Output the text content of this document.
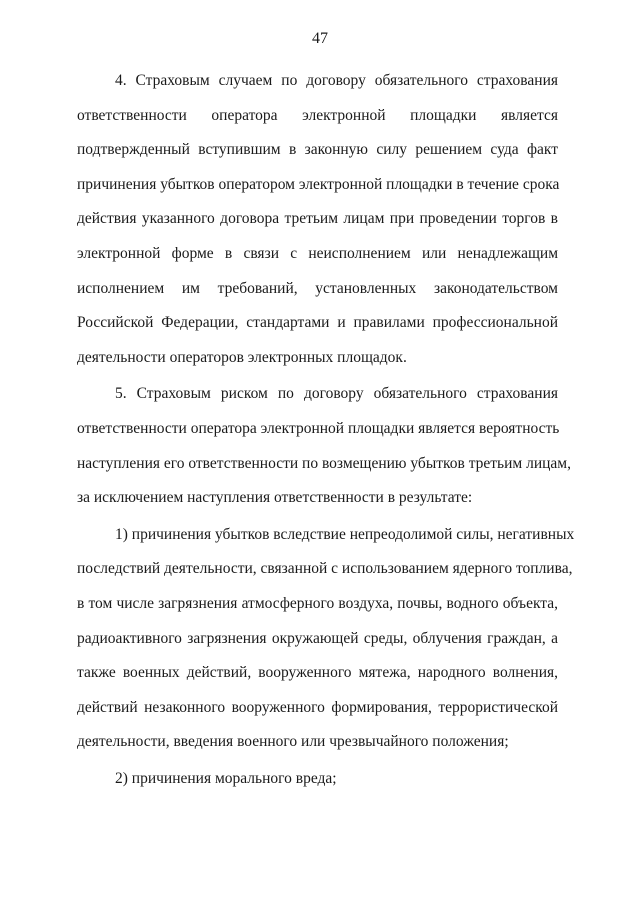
47

4. Страховым случаем по договору обязательного страхования
ответственности оператора электронной площадки является
подтвержденный вступившим в законную силу решением суда факт
причинения убытков оператором электронной площадки в течение срока
действия указанного договора третьим лицам при проведении торгов в
электронной форме в связи с неисполнением или ненадлежащим
исполнением им требований, установленных законодательством
Российской Федерации, стандартами и правилами профессиональной
деятельности операторов электронных площадок.

5. Страховым риском по договору обязательного страхования
ответственности оператора электронной площадки является вероятность
наступления его ответственности по возмещению убытков третьим лицам,
за исключением наступления ответственности в результате:

1) причинения убытков вследствие непреодолимой силы, негативных
последствий деятельности, связанной с использованием ядерного топлива,
в том числе загрязнения атмосферного воздуха, почвы, водного объекта,
радиоактивного загрязнения окружающей среды, облучения граждан, а
также военных действий, вооруженного мятежа, народного волнения,
действий незаконного вооруженного формирования, террористической
деятельности, введения военного или чрезвычайного положения;

2) причинения морального вреда;
